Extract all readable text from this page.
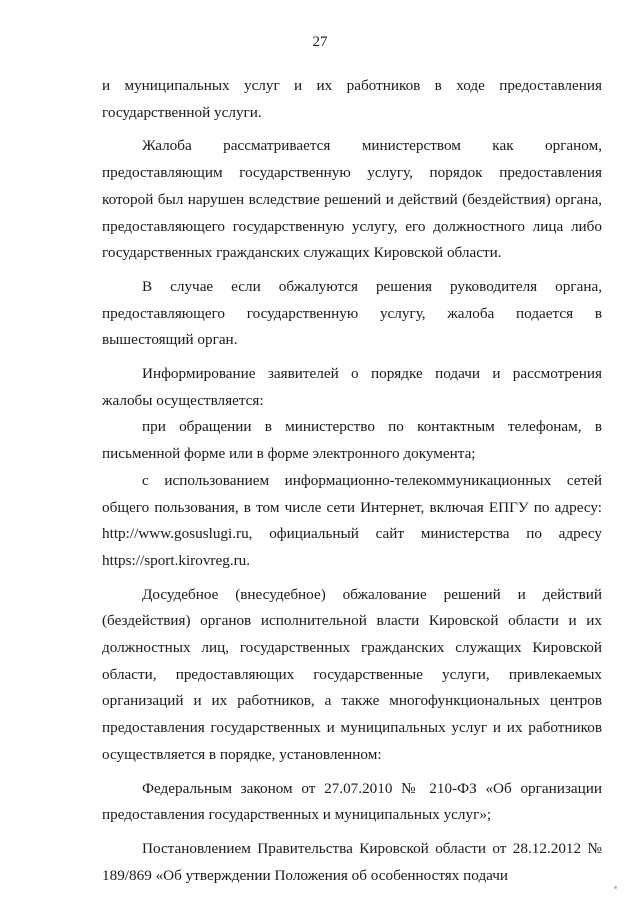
27

и муниципальных услуг и их работников в ходе предоставления государственной услуги.

Жалоба рассматривается министерством как органом, предоставляющим государственную услугу, порядок предоставления которой был нарушен вследствие решений и действий (бездействия) органа, предоставляющего государственную услугу, его должностного лица либо государственных гражданских служащих Кировской области.

В случае если обжалуются решения руководителя органа, предоставляющего государственную услугу, жалоба подается в вышестоящий орган.

Информирование заявителей о порядке подачи и рассмотрения жалобы осуществляется:

при обращении в министерство по контактным телефонам, в письменной форме или в форме электронного документа;

с использованием информационно-телекоммуникационных сетей общего пользования, в том числе сети Интернет, включая ЕПГУ по адресу: http://www.gosuslugi.ru, официальный сайт министерства по адресу https://sport.kirovreg.ru.

Досудебное (внесудебное) обжалование решений и действий (бездействия) органов исполнительной власти Кировской области и их должностных лиц, государственных гражданских служащих Кировской области, предоставляющих государственные услуги, привлекаемых организаций и их работников, а также многофункциональных центров предоставления государственных и муниципальных услуг и их работников осуществляется в порядке, установленном:

Федеральным законом от 27.07.2010 № 210-ФЗ «Об организации предоставления государственных и муниципальных услуг»;

Постановлением Правительства Кировской области от 28.12.2012 № 189/869 «Об утверждении Положения об особенностях подачи
